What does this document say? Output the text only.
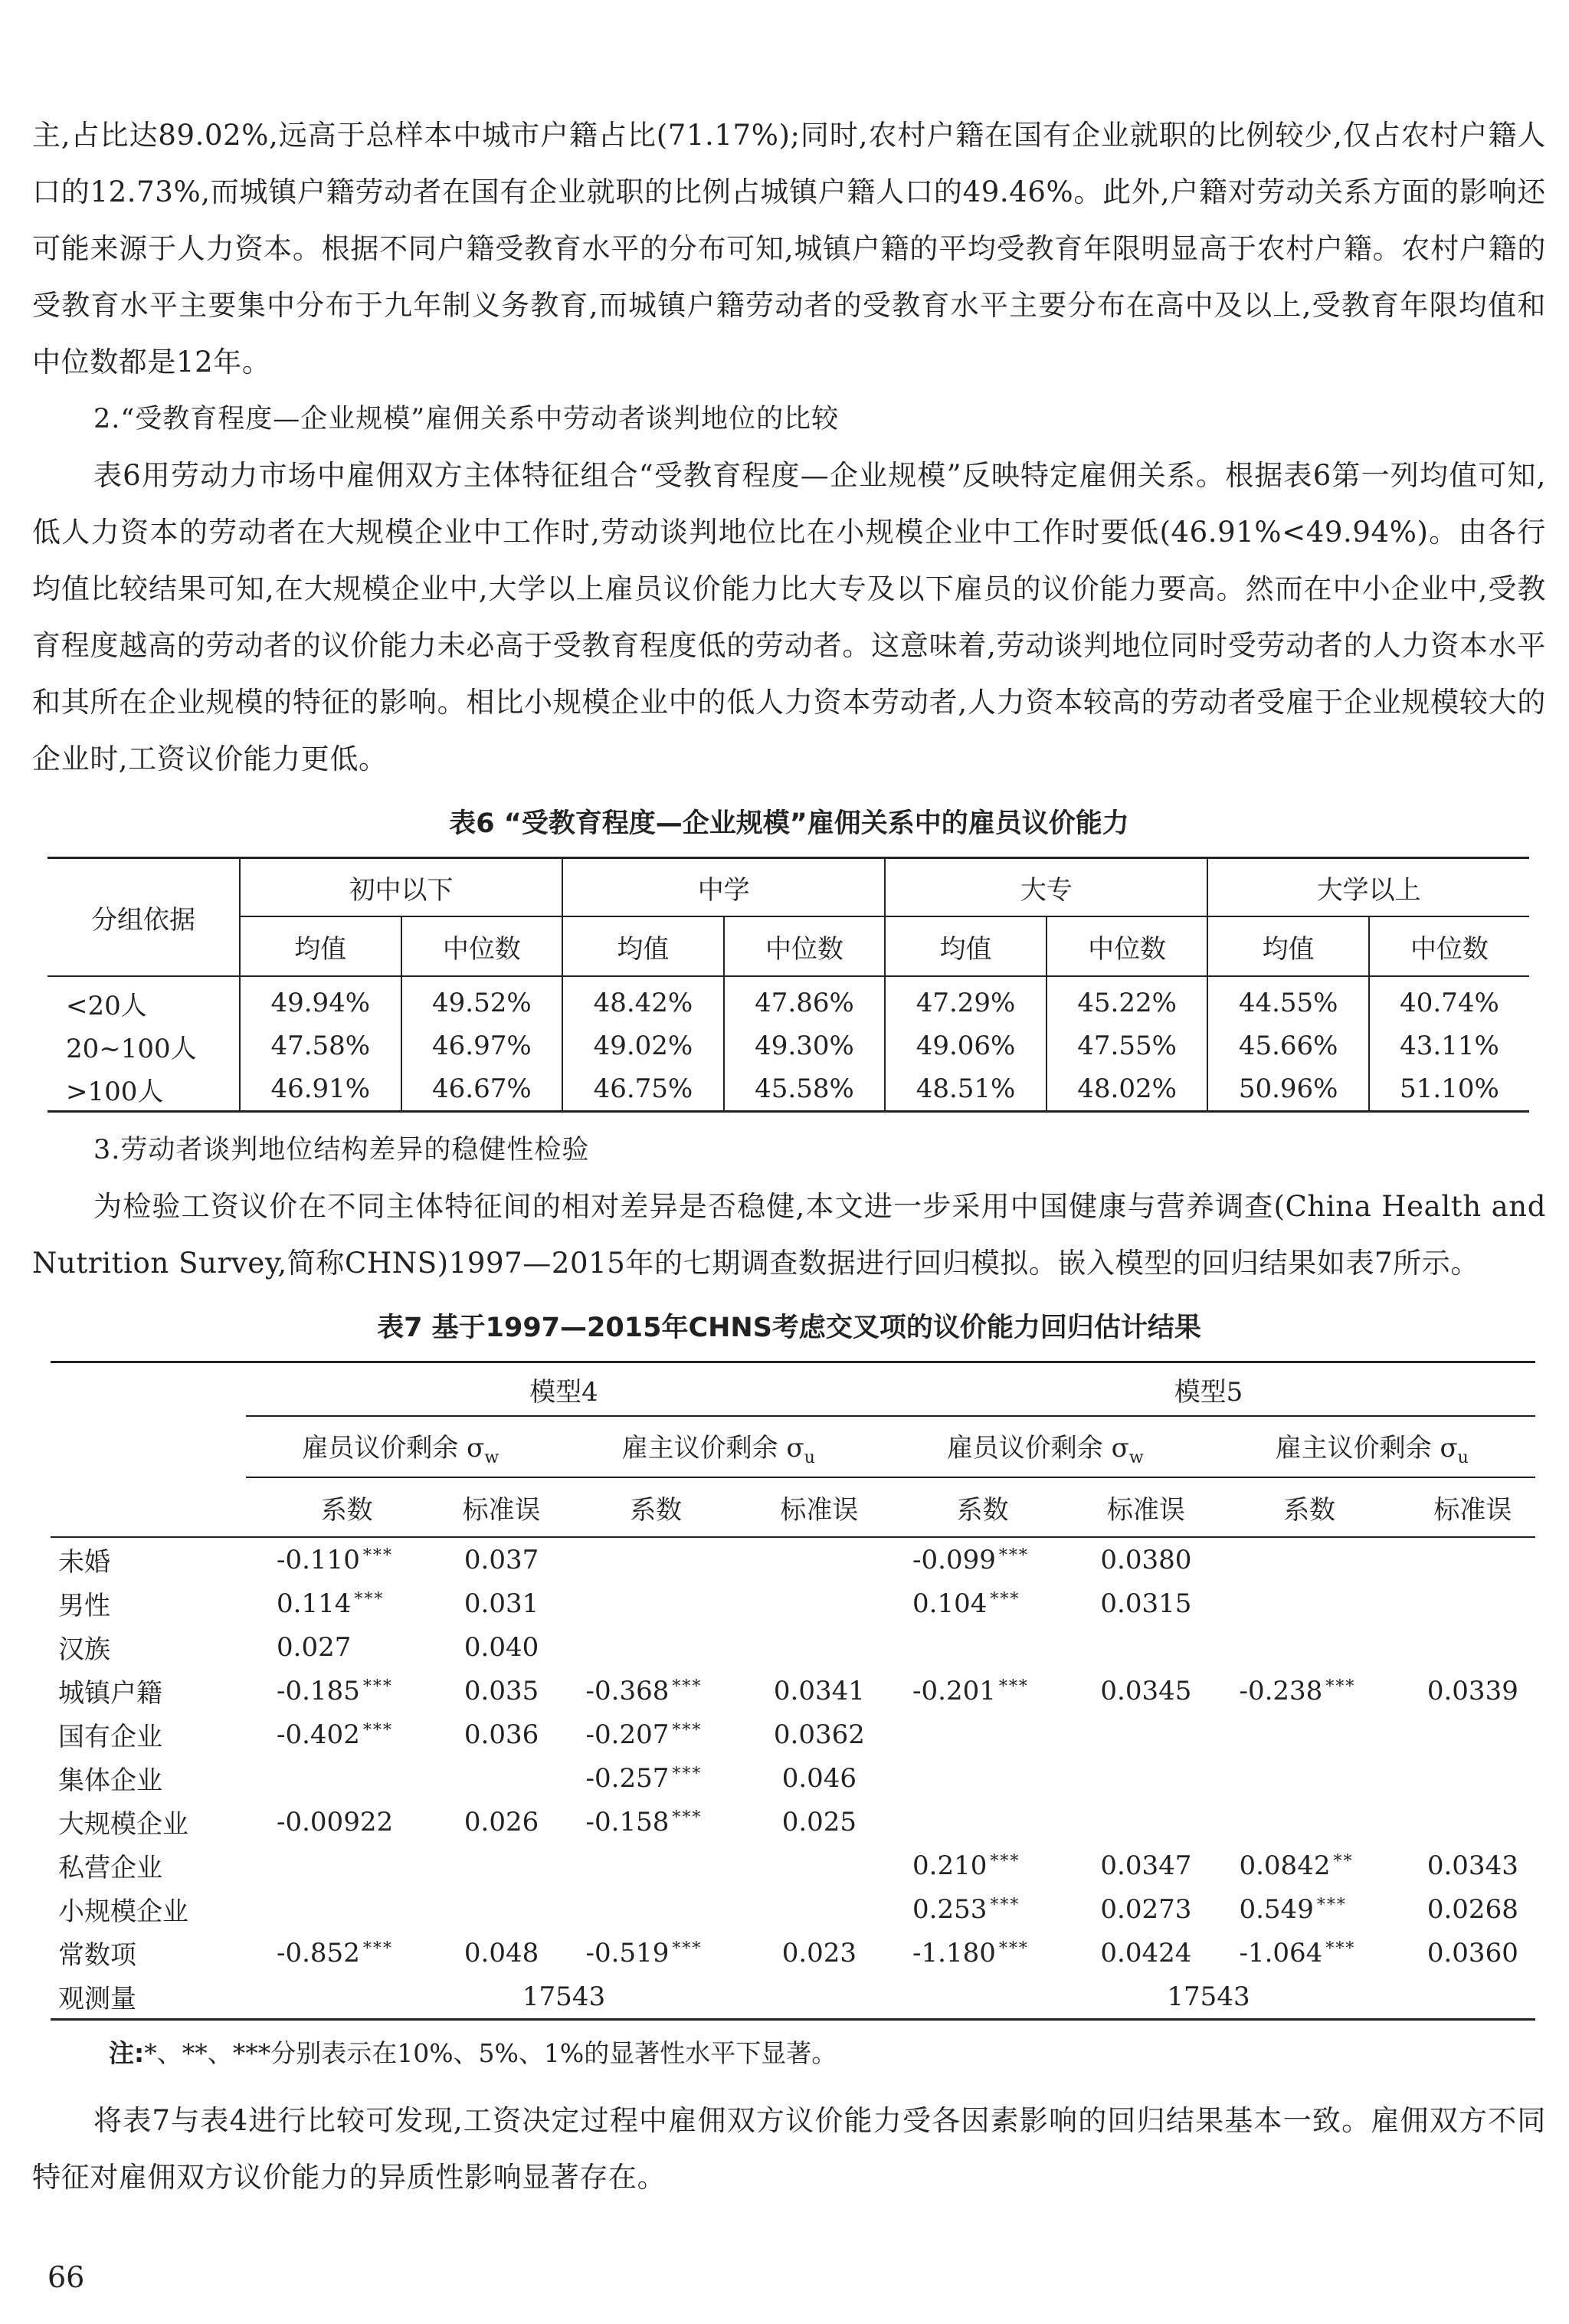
主,占比达89.02%,远高于总样本中城市户籍占比(71.17%);同时,农村户籍在国有企业就职的比例较少,仅占农村户籍人口的12.73%,而城镇户籍劳动者在国有企业就职的比例占城镇户籍人口的49.46%。此外,户籍对劳动关系方面的影响还可能来源于人力资本。根据不同户籍受教育水平的分布可知,城镇户籍的平均受教育年限明显高于农村户籍。农村户籍的受教育水平主要集中分布于九年制义务教育,而城镇户籍劳动者的受教育水平主要分布在高中及以上,受教育年限均值和中位数都是12年。

2.“受教育程度—企业规模”雇佣关系中劳动者谈判地位的比较

表6用劳动力市场中雇佣双方主体特征组合“受教育程度—企业规模”反映特定雇佣关系。根据表6第一列均值可知,低人力资本的劳动者在大规模企业中工作时,劳动谈判地位比在小规模企业中工作时要低(46.91%<49.94%)。由各行均值比较结果可知,在大规模企业中,大学以上雇员议价能力比大专及以下雇员的议价能力要高。然而在中小企业中,受教育程度越高的劳动者的议价能力未必高于受教育程度低的劳动者。这意味着,劳动谈判地位同时受劳动者的人力资本水平和其所在企业规模的特征的影响。相比小规模企业中的低人力资本劳动者,人力资本较高的劳动者受雇于企业规模较大的企业时,工资议价能力更低。

表6 “受教育程度—企业规模”雇佣关系中的雇员议价能力
分组依据	初中以下		中学		大专		大学以上	
	均值	中位数	均值	中位数	均值	中位数	均值	中位数
<20人	49.94%	49.52%	48.42%	47.86%	47.29%	45.22%	44.55%	40.74%
20~100人	47.58%	46.97%	49.02%	49.30%	49.06%	47.55%	45.66%	43.11%
>100人	46.91%	46.67%	46.75%	45.58%	48.51%	48.02%	50.96%	51.10%

3.劳动者谈判地位结构差异的稳健性检验

为检验工资议价在不同主体特征间的相对差异是否稳健,本文进一步采用中国健康与营养调查(China Health and Nutrition Survey,简称CHNS)1997—2015年的七期调查数据进行回归模拟。嵌入模型的回归结果如表7所示。

表7 基于1997—2015年CHNS考虑交叉项的议价能力回归估计结果
	模型4				模型5			
	雇员议价剩余 $\sigma_w$		雇主议价剩余 $\sigma_u$		雇员议价剩余 $\sigma_w$		雇主议价剩余 $\sigma_u$
	系数	标准误	系数	标准误	系数	标准误	系数	标准误
未婚	-0.110 ***	0.037			-0.099 ***	0.0380		
男性	0.114 ***	0.031			0.104 ***	0.0315		
汉族	0.027	0.040						
城镇户籍	-0.185 ***	0.035	-0.368 ***	0.0341	-0.201 ***	0.0345	-0.238 ***	0.0339
国有企业	-0.402 ***	0.036	-0.207 ***	0.0362				
集体企业			-0.257 ***	0.046				
大规模企业	-0.00922	0.026	-0.158 ***	0.025				
私营企业					0.210 ***	0.0347	0.0842 **	0.0343
小规模企业					0.253 ***	0.0273	0.549 ***	0.0268
常数项	-0.852 ***	0.048	-0.519 ***	0.023	-1.180 ***	0.0424	-1.064 ***	0.0360
观测量	17543				17543			
注:*、**、***分别表示在10%、5%、1%的显著性水平下显著。

将表7与表4进行比较可发现,工资决定过程中雇佣双方议价能力受各因素影响的回归结果基本一致。雇佣双方不同特征对雇佣双方议价能力的异质性影响显著存在。

66
